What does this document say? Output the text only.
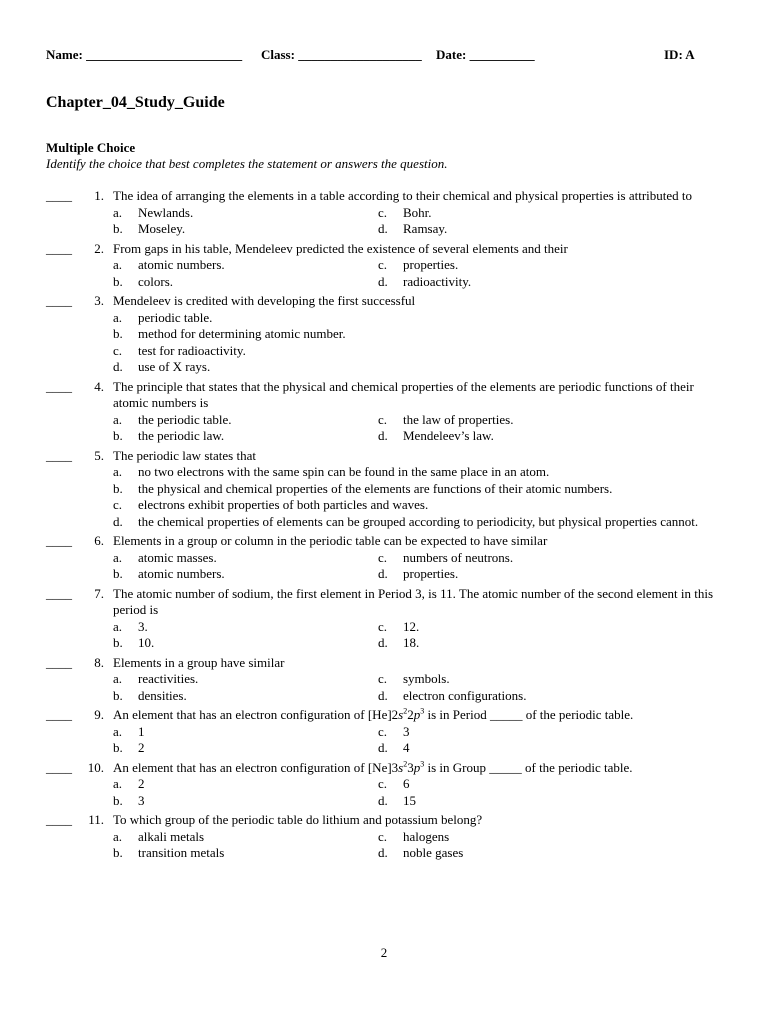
Name: ________________________ Class: ___________________ Date: __________	ID: A
Chapter_04_Study_Guide
Multiple Choice
Identify the choice that best completes the statement or answers the question.
____	1. The idea of arranging the elements in a table according to their chemical and physical properties is attributed to
a.	Newlands.	c.	Bohr.
b.	Moseley.	d.	Ramsay.
____	2. From gaps in his table, Mendeleev predicted the existence of several elements and their
a.	atomic numbers.	c.	properties.
b.	colors.	d.	radioactivity.
____	3. Mendeleev is credited with developing the first successful
a.	periodic table.
b.	method for determining atomic number.
c.	test for radioactivity.
d.	use of X rays.
____	4. The principle that states that the physical and chemical properties of the elements are periodic functions of their atomic numbers is
a.	the periodic table.	c.	the law of properties.
b.	the periodic law.	d.	Mendeleev’s law.
____	5. The periodic law states that
a.	no two electrons with the same spin can be found in the same place in an atom.
b.	the physical and chemical properties of the elements are functions of their atomic numbers.
c.	electrons exhibit properties of both particles and waves.
d.	the chemical properties of elements can be grouped according to periodicity, but physical properties cannot.
____	6. Elements in a group or column in the periodic table can be expected to have similar
a.	atomic masses.	c.	numbers of neutrons.
b.	atomic numbers.	d.	properties.
____	7. The atomic number of sodium, the first element in Period 3, is 11. The atomic number of the second element in this period is
a.	3.	c.	12.
b.	10.	d.	18.
____	8. Elements in a group have similar
a.	reactivities.	c.	symbols.
b.	densities.	d.	electron configurations.
____	9. An element that has an electron configuration of $[He]2s^22p^3$ is in Period _____ of the periodic table.
a.	1	c.	3
b.	2	d.	4
____	10. An element that has an electron configuration of $[Ne]3s^23p^3$ is in Group _____ of the periodic table.
a.	2	c.	6
b.	3	d.	15
____	11. To which group of the periodic table do lithium and potassium belong?
a.	alkali metals	c.	halogens
b.	transition metals	d.	noble gases
2
